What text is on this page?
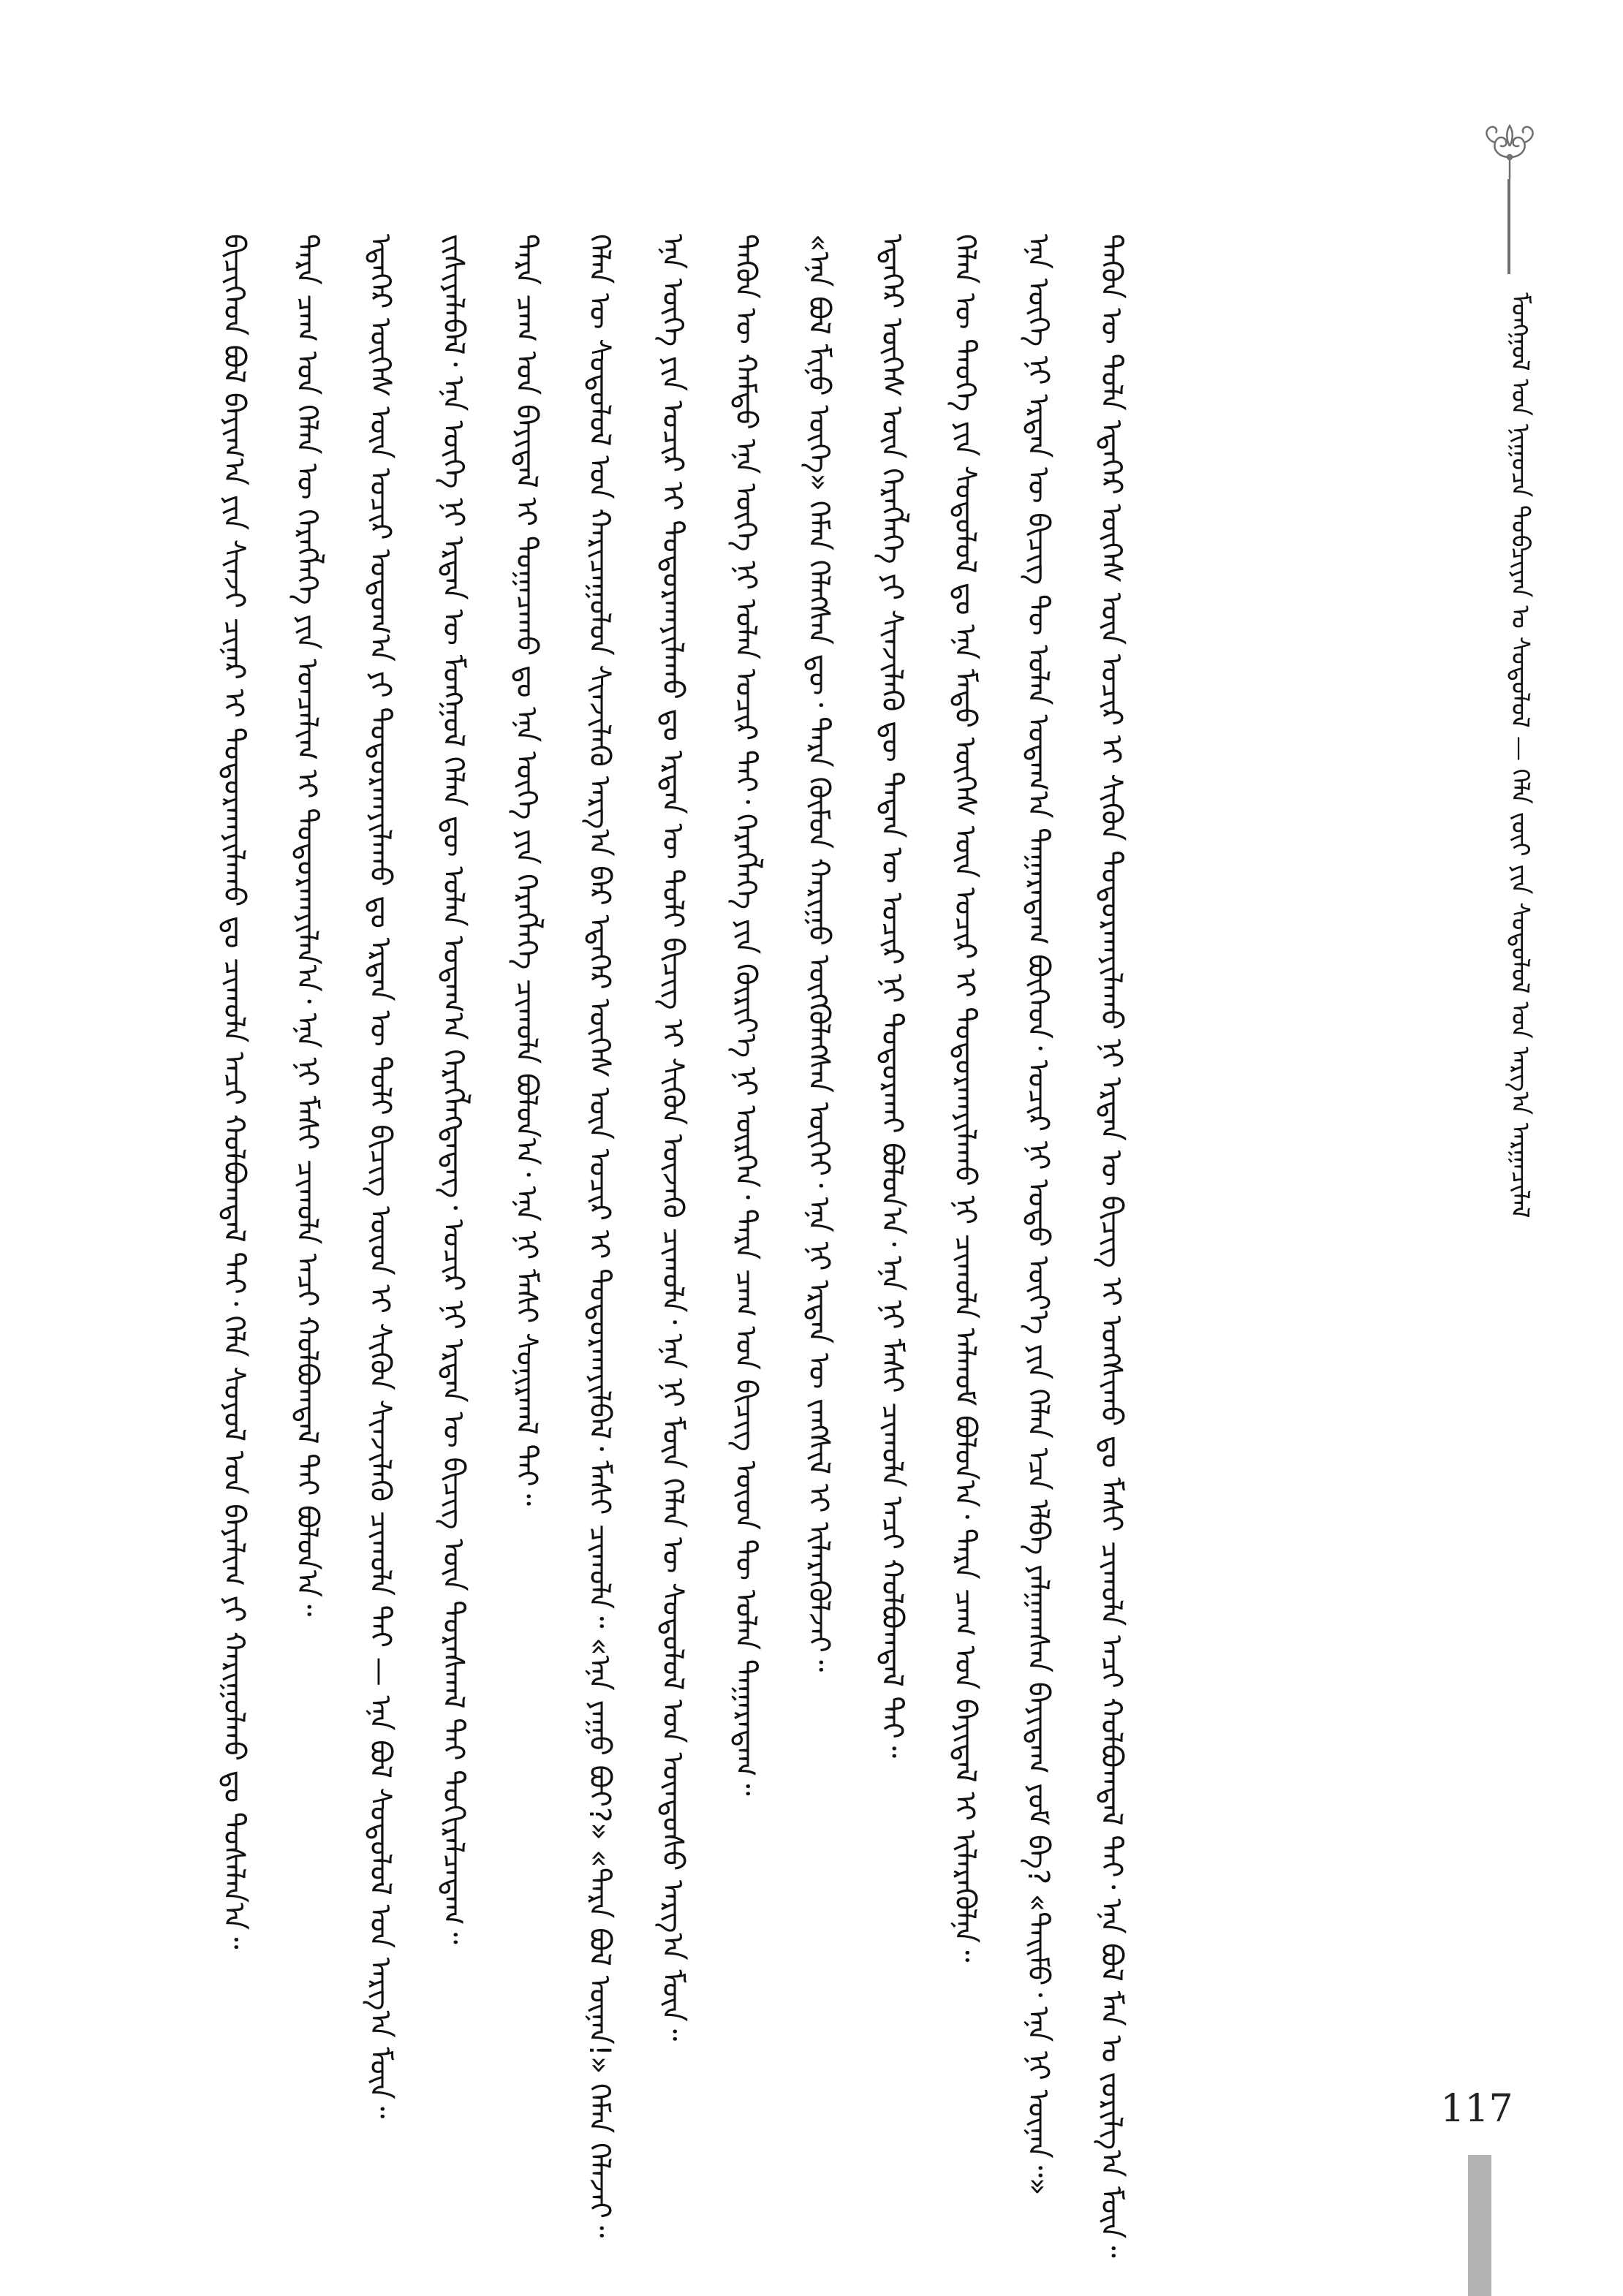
ᠮᠣᠩᠭᠣᠯ ᠤᠨ ᠨᠢᠭᠤᠴᠠ ᠲᠣᠪᠴᠢᠶᠠᠨ ᠤ ᠰᠤᠳᠤᠯᠤᠯ — ᠬᠡᠯᠡ ᠵᠦᠢ ᠶᠢᠨ ᠰᠤᠳᠤᠯᠤᠯ ᠤᠨ ᠠᠷᠭ᠎ᠠ ᠠᠷᠭᠠᠴᠢᠯᠠᠯ
ᠪᠢᠴᠢᠭᠡᠳ ᠪᠣᠯ ᠪᠠᠶᠢᠭ᠎ᠠ ᠶᠢᠨ ᠰᠢᠨᠵᠢ ᠴᠢᠨᠠᠷ ᠢ ᠲᠣᠳᠣᠷᠬᠠᠶᠢᠯᠠᠬᠤ ᠳᠤ ᠴᠢᠬᠤᠯᠠ ᠠᠴᠢ ᠬᠣᠯᠪᠣᠭᠳᠠᠯ ᠲᠠᠢ᠂ ᠬᠡᠯᠡ ᠰᠣᠶᠣᠯ ᠤᠨ ᠪᠠᠶᠠᠯᠢᠭ ᠶᠢ ᠬᠠᠷᠢᠭᠤᠯᠬᠤ ᠳᠤ ᠲᠤᠰᠠᠯᠠᠨ᠎ᠠ᠃	ᠲᠡᠷᠡ ᠴᠠᠭ ᠤᠨ ᠬᠡᠯᠡᠨ ᠦ ᠬᠡᠷᠡᠭᠯᠡᠭᠡ ᠶᠢᠨ ᠣᠨᠴᠠᠯᠢᠭ ᠢ ᠲᠣᠳᠣᠷᠬᠠᠶᠢᠯᠠᠨ᠎ᠠ᠂ ᠡᠨᠡ ᠨᠢ ᠮᠠᠰᠢ ᠴᠢᠬᠤᠯᠠ ᠠᠴᠢ ᠬᠣᠯᠪᠣᠭᠳᠠᠯ ᠲᠠᠢ ᠪᠣᠯᠤᠨ᠎ᠠ᠃	ᠡᠳᠡᠭᠡᠷ ᠦᠭᠡᠰ ᠦᠨ ᠤᠴᠢᠷ ᠤᠲᠤᠭ᠎ᠠ ᠶᠢ ᠲᠣᠳᠣᠷᠬᠠᠶᠢᠯᠠᠬᠤ ᠳᠤ ᠡᠷᠲᠡᠨ ᠦ ᠲᠣᠯᠢ ᠪᠢᠴᠢᠭ ᠦᠳ ᠢ ᠰᠢᠭᠦᠨ ᠰᠢᠨᠵᠢᠯᠡᠬᠦ ᠴᠢᠬᠤᠯᠠ ᠲᠠᠢ — ᠡᠨᠡ ᠪᠣᠯ ᠰᠤᠳᠤᠯᠤᠯ ᠤᠨ ᠠᠷᠭ᠎ᠠ ᠮᠥᠨ᠃	ᠵᠢᠱᠢᠶᠡᠯᠡᠪᠡᠯ᠂ ᠡᠨᠡ ᠦᠭᠡ ᠨᠢ ᠡᠷᠲᠡᠨ ᠦ ᠮᠣᠩᠭᠣᠯ ᠬᠡᠯᠡᠨ ᠳᠦ ᠣᠯᠠᠨ ᠤᠳᠠᠭ᠎ᠠ ᠬᠡᠷᠡᠭᠯᠡᠭᠳᠡᠳᠡᠭ᠂ ᠤᠴᠢᠷ ᠨᠢ ᠡᠷᠲᠡᠨ ᠦ ᠪᠢᠴᠢᠭ ᠦᠨ ᠳᠤᠷᠠᠰᠬᠠᠯ ᠲᠠᠢ ᠲᠣᠬᠢᠷᠠᠯᠴᠠᠳᠠᠭ᠃	ᠲᠡᠷᠡ ᠴᠠᠭ ᠤᠨ ᠪᠠᠶᠢᠳᠠᠯ ᠢ ᠲᠣᠭᠠᠴᠠᠬᠤ ᠳᠤ ᠡᠨᠡ ᠦᠭᠡ ᠶᠢᠨ ᠬᠡᠷᠡᠭᠯᠡᠭᠡ ᠴᠢᠬᠤᠯᠠ ᠪᠣᠯᠤᠨ᠎ᠠ᠂ ᠡᠨᠡ ᠨᠢ ᠮᠠᠰᠢ ᠰᠣᠨᠢᠷᠬᠠᠯ ᠲᠠᠢ᠃	ᠬᠡᠯᠡᠨ ᠦ ᠰᠤᠳᠤᠯᠤᠯ ᠤᠨ ᠬᠠᠷᠢᠴᠠᠭᠤᠯᠤᠨ ᠰᠢᠨᠵᠢᠯᠡᠬᠦ ᠠᠷᠭ᠎ᠠ ᠪᠡᠷ ᠡᠳᠡᠭᠡᠷ ᠦᠭᠡᠰ ᠦᠨ ᠤᠴᠢᠷ ᠢ ᠲᠣᠳᠣᠷᠬᠠᠶᠢᠯᠪᠠᠯ᠂ ᠮᠠᠰᠢ ᠴᠢᠬᠤᠯᠠ᠃ «ᠡᠨᠡ ᠶᠠᠭᠤ ᠪᠤᠢ?» «ᠲᠡᠷᠡ ᠪᠣᠯ ᠦᠨᠡᠨ!» ᠬᠡᠮᠡᠨ ᠬᠡᠯᠡᠵᠡᠢ᠃	ᠡᠨᠡ ᠦᠭᠡ ᠶᠢᠨ ᠤᠴᠢᠷ ᠢ ᠲᠣᠳᠣᠷᠬᠠᠶᠢᠯᠠᠬᠤ ᠳᠤ ᠡᠷᠲᠡᠨ ᠦ ᠲᠣᠯᠢ ᠪᠢᠴᠢᠭ ᠢ ᠰᠢᠭᠦᠨ ᠦᠵᠡᠬᠦ ᠴᠢᠬᠤᠯᠠ᠂ ᠡᠨᠡ ᠨᠢ ᠮᠥᠨ ᠬᠡᠯᠡᠨ ᠦ ᠰᠤᠳᠤᠯᠤᠯ ᠤᠨ ᠦᠨᠳᠦᠰᠦ ᠠᠷᠭ᠎ᠠ ᠮᠥᠨ᠃	ᠲᠡᠭᠦᠨ ᠦ ᠬᠠᠮᠲᠤ ᠡᠨᠡ ᠦᠭᠡ ᠨᠢ ᠣᠯᠠᠨ ᠤᠴᠢᠷ ᠲᠠᠢ᠂ ᠬᠡᠷᠡᠭᠯᠡᠭᠡ ᠶᠢᠨ ᠬᠦᠷᠢᠶ᠎ᠡ ᠨᠢ ᠥᠷᠭᠡᠨ᠂ ᠲᠡᠷᠡ ᠴᠠᠭ ᠤᠨ ᠪᠢᠴᠢᠭ ᠦᠳ ᠲᠦ ᠣᠯᠠᠨ ᠲᠠᠭᠠᠷᠠᠳᠠᠭ᠃	«ᠡᠨᠡ ᠪᠣᠯ ᠮᠢᠨᠤ ᠦᠭᠡ» ᠬᠡᠮᠡᠨ ᠬᠡᠯᠡᠭᠰᠡᠨ ᠳᠦ᠂ ᠲᠡᠷᠡ ᠬᠦᠮᠦᠨ ᠬᠠᠷᠢᠭᠤ ᠥᠭᠭᠦᠯᠡᠭᠰᠡᠨ ᠦᠭᠡᠢ᠂ ᠡᠨᠡ ᠨᠢ ᠡᠷᠲᠡᠨ ᠦ ᠵᠠᠩᠱᠢᠯ ᠢ ᠢᠯᠡᠷᠡᠬᠦᠯᠵᠡᠢ᠃	ᠡᠳᠡᠭᠡᠷ ᠦᠭᠡᠰ ᠦᠨ ᠬᠡᠷᠡᠭᠯᠡᠭᠡ ᠶᠢ ᠰᠢᠨᠵᠢᠯᠡᠬᠦ ᠳᠦ ᠲᠡᠳᠡᠨ ᠦ ᠤᠴᠢᠷ ᠨᠢ ᠲᠣᠳᠣᠷᠬᠠᠢ ᠪᠣᠯᠤᠨ᠎ᠠ᠂ ᠡᠨᠡ ᠨᠢ ᠮᠠᠰᠢ ᠴᠢᠬᠤᠯᠠ ᠠᠴᠢ ᠬᠣᠯᠪᠣᠭᠳᠠᠯ ᠲᠠᠢ᠃	ᠬᠡᠯᠡᠨ ᠦ ᠲᠡᠦᠬᠡ ᠶᠢᠨ ᠰᠤᠳᠤᠯᠤᠯ ᠳᠤ ᠡᠨᠡ ᠮᠡᠲᠦ ᠦᠭᠡᠰ ᠦᠨ ᠤᠴᠢᠷ ᠢ ᠲᠣᠳᠣᠷᠬᠠᠶᠢᠯᠠᠬᠤ ᠨᠢ ᠴᠢᠬᠤᠯᠠ ᠠᠯᠬᠤᠮ ᠪᠣᠯᠤᠨ᠎ᠠ᠂ ᠲᠡᠷᠡ ᠴᠠᠭ ᠤᠨ ᠪᠠᠶᠢᠳᠠᠯ ᠢ ᠢᠯᠡᠷᠡᠬᠦᠯᠨᠡ᠃	ᠡᠨᠡ ᠦᠭᠡ ᠨᠢ ᠡᠷᠲᠡᠨ ᠦ ᠪᠢᠴᠢᠭ ᠲᠦ ᠣᠯᠠᠨ ᠤᠳᠠᠭ᠎ᠠ ᠲᠠᠭᠠᠷᠠᠳᠠᠭ ᠪᠥᠭᠡᠳ᠂ ᠤᠴᠢᠷ ᠨᠢ ᠣᠳᠣ ᠦᠶ᠎ᠡ ᠶᠢᠨ ᠬᠡᠯᠡᠨ ᠡᠴᠡ ᠡᠯᠪᠡ ᠶᠠᠯᠭᠠᠭᠰᠠᠨ ᠪᠠᠶᠢᠳᠠᠭ ᠶᠤᠮ ᠪᠠ? «ᠲᠡᠢᠮᠦ᠂ ᠡᠨᠡ ᠨᠢ ᠦᠨᠡᠨ᠃»	ᠲᠡᠭᠦᠨ ᠦ ᠲᠤᠯᠠ ᠡᠳᠡᠭᠡᠷ ᠦᠭᠡᠰ ᠦᠨ ᠤᠴᠢᠷ ᠢ ᠰᠢᠭᠦᠨ ᠲᠣᠳᠣᠷᠬᠠᠶᠢᠯᠠᠬᠤ ᠨᠢ ᠡᠷᠲᠡᠨ ᠦ ᠪᠢᠴᠢᠭ ᠢ ᠤᠩᠰᠢᠬᠤ ᠳᠤ ᠮᠠᠰᠢ ᠴᠢᠬᠤᠯᠠ ᠠᠴᠢ ᠬᠣᠯᠪᠣᠭᠳᠠᠯ ᠲᠠᠢ᠂ ᠡᠨᠡ ᠪᠣᠯ ᠮᠠᠨ ᠤ ᠵᠣᠷᠢᠯᠭ᠎ᠠ ᠮᠥᠨ᠃	117
